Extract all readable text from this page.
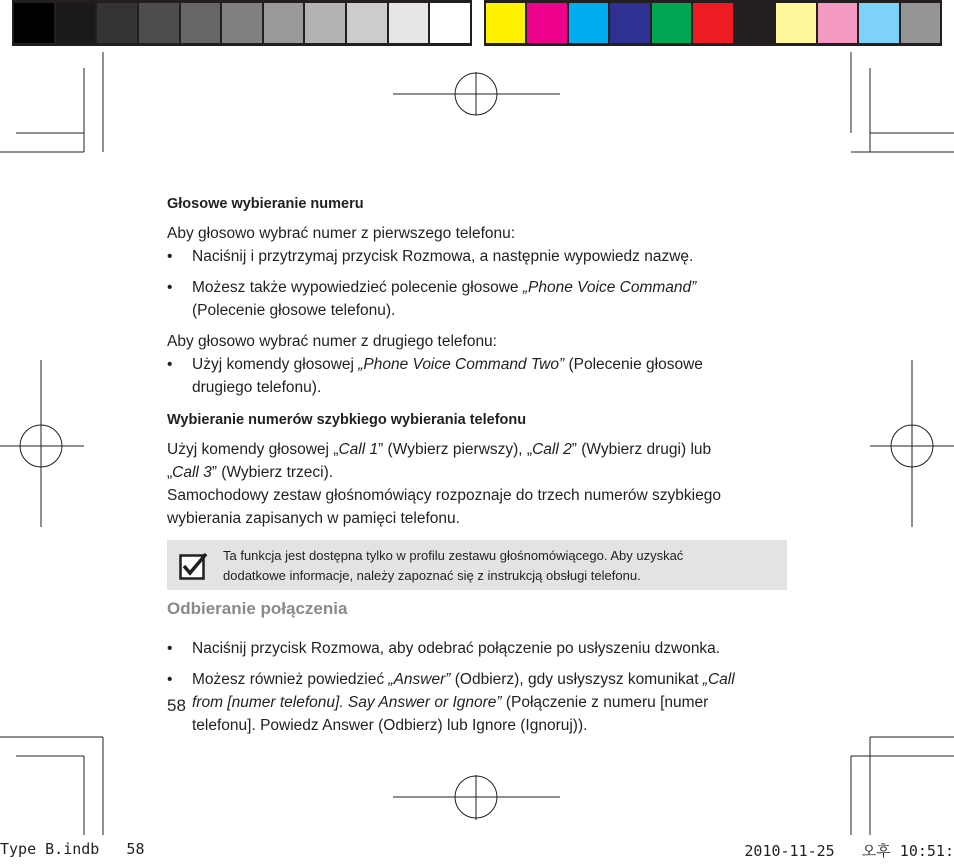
Głosowe wybieranie numeru

Aby głosowo wybrać numer z pierwszego telefonu:

• Naciśnij i przytrzymaj przycisk Rozmowa, a następnie wypowiedz nazwę.

• Możesz także wypowiedzieć polecenie głosowe „Phone Voice Command”
(Polecenie głosowe telefonu).

Aby głosowo wybrać numer z drugiego telefonu:

• Użyj komendy głosowej „Phone Voice Command Two” (Polecenie głosowe
drugiego telefonu).

Wybieranie numerów szybkiego wybierania telefonu

Użyj komendy głosowej „Call 1” (Wybierz pierwszy), „Call 2” (Wybierz drugi) lub
„Call 3” (Wybierz trzeci).

Samochodowy zestaw głośnomówiący rozpoznaje do trzech numerów szybkiego
wybierania zapisanych w pamięci telefonu.

Ta funkcja jest dostępna tylko w profilu zestawu głośnomówiącego. Aby uzyskać
dodatkowe informacje, należy zapoznać się z instrukcją obsługi telefonu.

Odbieranie połączenia

• Naciśnij przycisk Rozmowa, aby odebrać połączenie po usłyszeniu dzwonka.

• Możesz również powiedzieć „Answer” (Odbierz), gdy usłyszysz komunikat „Call
from [numer telefonu]. Say Answer or Ignore” (Połączenie z numeru [numer
telefonu]. Powiedz Answer (Odbierz) lub Ignore (Ignoruj)).

58
Type B.indb   58	2010-11-25   오후 10:51:
